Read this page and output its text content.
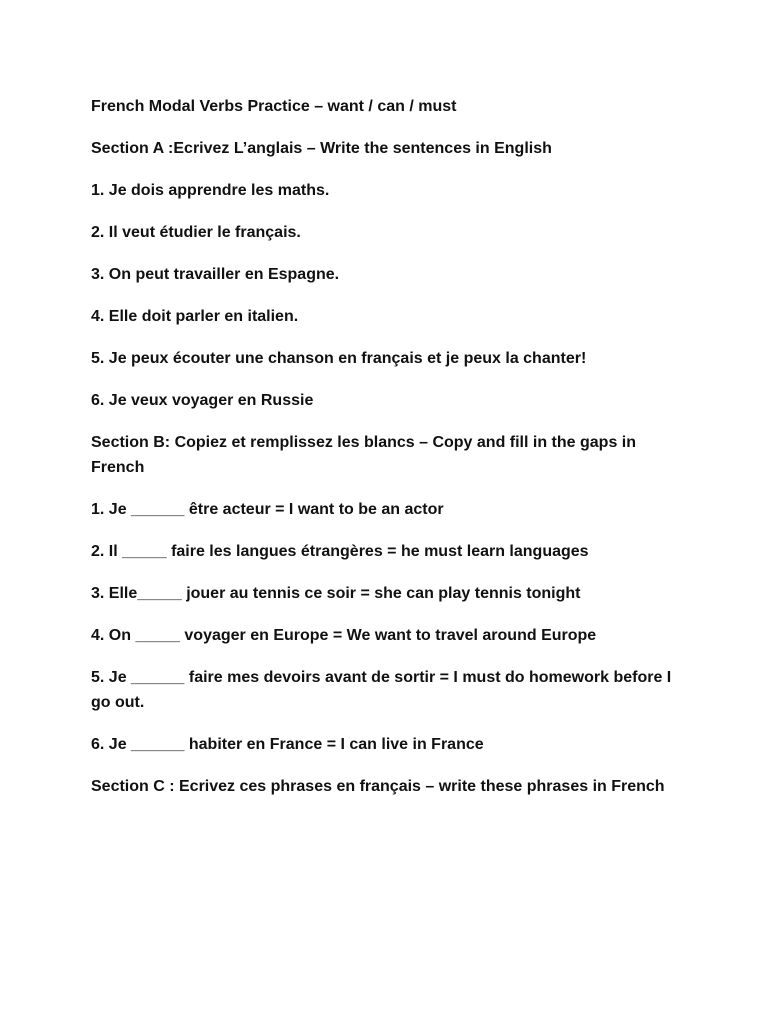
French Modal Verbs Practice – want / can / must

Section A :Ecrivez L’anglais – Write the sentences in English

1. Je dois apprendre les maths.

2. Il veut étudier le français.

3. On peut travailler en Espagne.

4. Elle doit parler en italien.

5. Je peux écouter une chanson en français et je peux la chanter!

6. Je veux voyager en Russie

Section B: Copiez et remplissez les blancs – Copy and fill in the gaps in French

1. Je ______ être acteur = I want to be an actor

2. Il _____ faire les langues étrangères = he must learn languages

3. Elle_____ jouer au tennis ce soir = she can play tennis tonight

4. On _____ voyager en Europe = We want to travel around Europe

5. Je ______ faire mes devoirs avant de sortir = I must do homework before I go out.

6. Je ______ habiter en France = I can live in France

Section C : Ecrivez ces phrases en français – write these phrases in French
